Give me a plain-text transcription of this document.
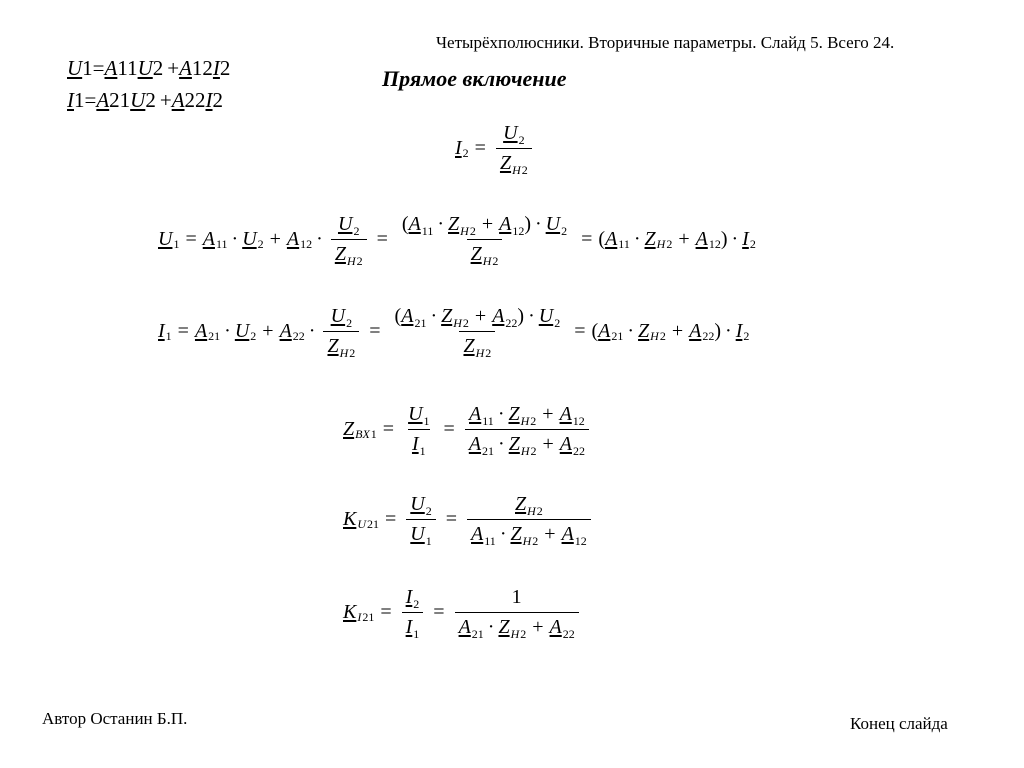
Четырёхполюсники. Вторичные параметры. Слайд 5. Всего 24.
Прямое включение
U1=A11U2 +A12I2
I1=A21U2 +A22I2
I $2 = \frac{U_2}{Z_{H2}}$
U 1 = A 11 · U 2 + A $12 \cdot \frac{U_2}{Z_{H2}} = \frac{(A_{11} \cdot Z_{H2} + A_{12}) \cdot U_2}{Z_{H2}}$ = ( A 11 · Z H 2 + A 12 ) · I 2
I 1 = A 21 · U 2 + A $22 \cdot \frac{U_2}{Z_{H2}} = \frac{(A_{21} \cdot Z_{H2} + A_{22}) \cdot U_2}{Z_{H2}}$ = ( A 21 · Z H 2 + A 22 ) · I 2
Z BX $1 = \frac{U_1}{I_1} = \frac{A_{11} \cdot Z_{H2} + A_{12}}{A_{21} \cdot Z_{H2} + A_{22}}$
K U $21 = \frac{U_2}{U_1} = \frac{Z_{H2}}{A_{11} \cdot Z_{H2} + A_{12}}$
K I $21 = \frac{I_2}{I_1} = \frac{1}{A_{21} \cdot Z_{H2} + A_{22}}$
Автор Останин Б.П.	Конец слайда
